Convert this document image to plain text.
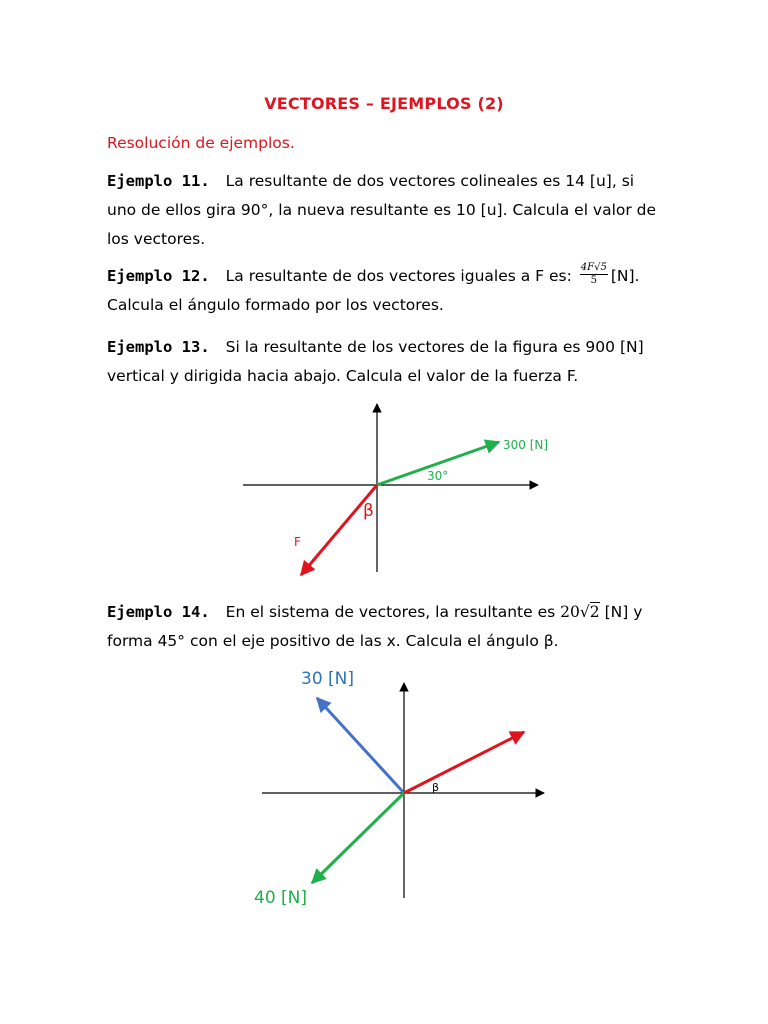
VECTORES – EJEMPLOS (2)
Resolución de ejemplos.
Ejemplo 11. La resultante de dos vectores colineales es 14 [u], si uno de ellos gira 90°, la nueva resultante es 10 [u]. Calcula el valor de los vectores.
Ejemplo 12. La resultante de dos vectores iguales a F es: $\frac{4F√5}{5} [N]$. Calcula el ángulo formado por los vectores.
Ejemplo 13. Si la resultante de los vectores de la figura es 900 [N] vertical y dirigida hacia abajo. Calcula el valor de la fuerza F.
Ejemplo 14. En el sistema de vectores, la resultante es 20√2 [N] y forma 45° con el eje positivo de las x. Calcula el ángulo β.
300 [N]
30°
β
F
30 [N]
40 [N]
β
